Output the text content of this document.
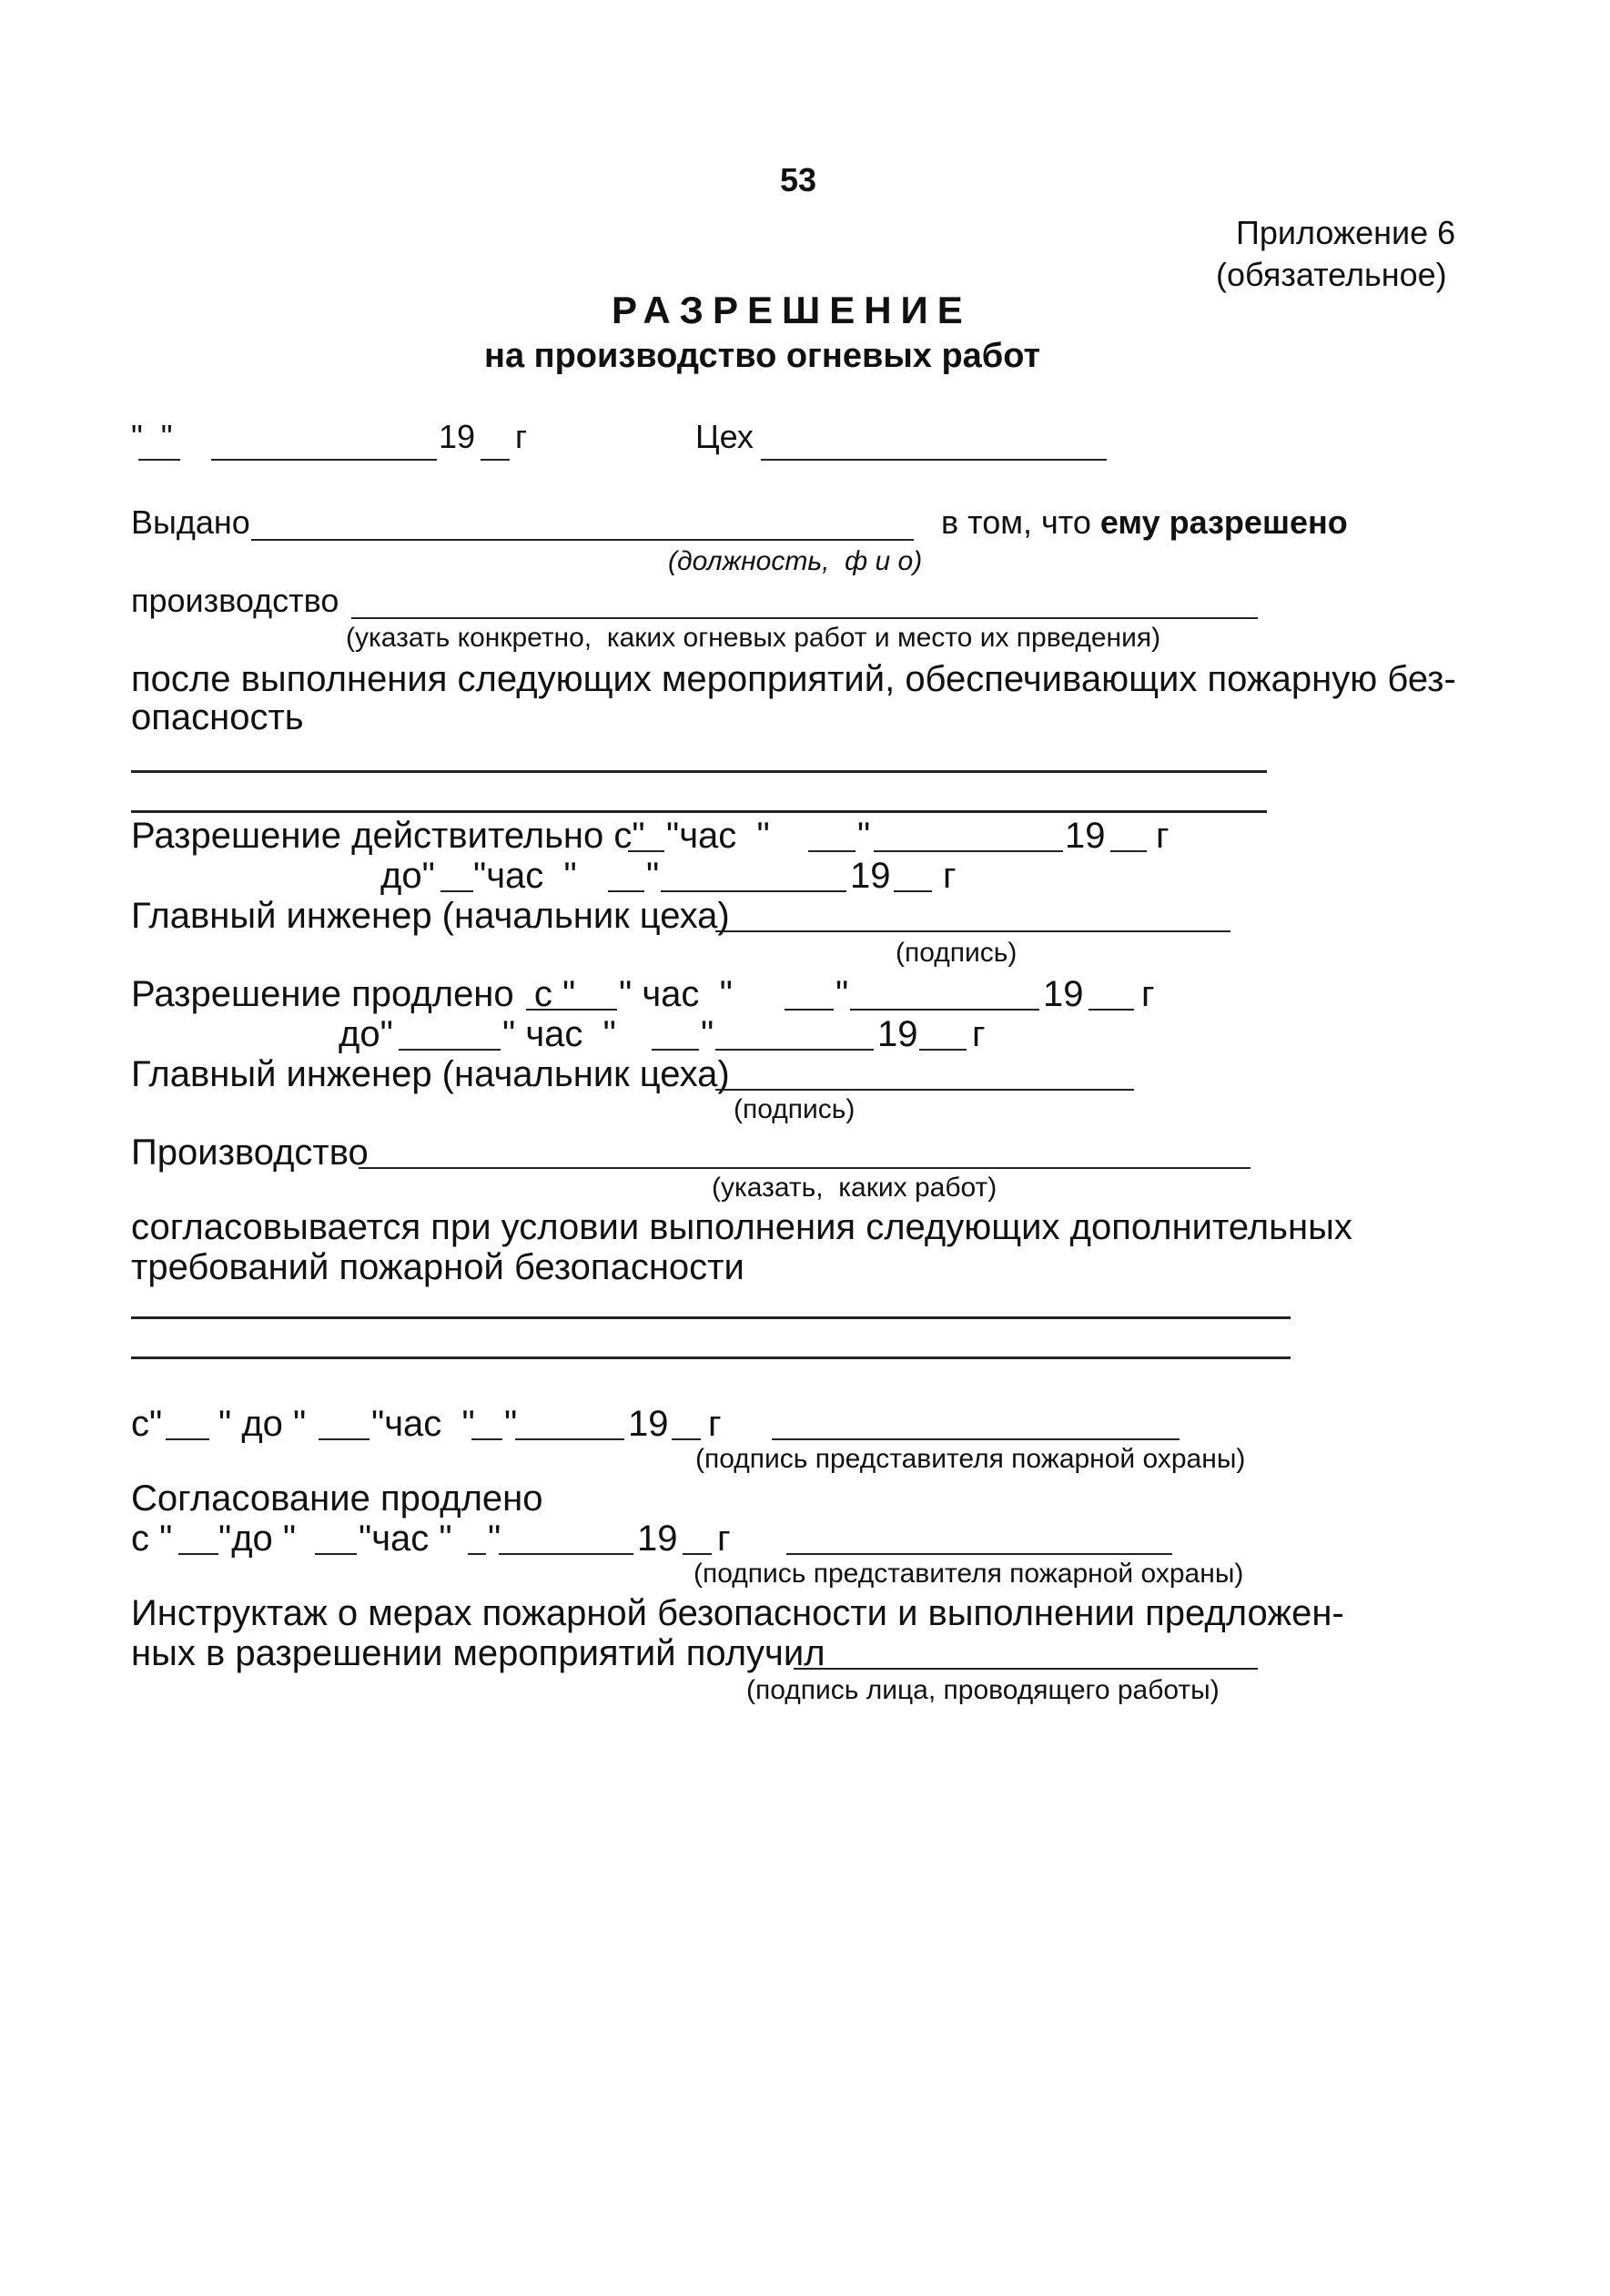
53
Приложение 6
(обязательное)
РАЗРЕШЕНИЕ
на производство огневых работ
"  "	19 г	Цех
Выдано	в том, что ему разрешено
(должность,  ф и о)
производство
(указать конкретно,  каких огневых работ и место их прведения)
после выполнения следующих мероприятий, обеспечивающих пожарную без-
опасность
Разрешение действительно с" "час  " "	19 г
до" "час  " "	19 г
Главный инженер (начальник цеха)
(подпись)
Разрешение продлено  с " " час  "	"	19 г
до"	" час  " "	19 г
Главный инженер (начальник цеха)
(подпись)
Производство
(указать,  каких работ)
согласовывается при условии выполнения следующих дополнительных
требований пожарной безопасности
с" " до " "час  " "	19 г
(подпись представителя пожарной охраны)
Согласование продлено
с " "до " "час " "	19 г
(подпись представителя пожарной охраны)
Инструктаж о мерах пожарной безопасности и выполнении предложен-
ных в разрешении мероприятий получил
(подпись лица, проводящего работы)
